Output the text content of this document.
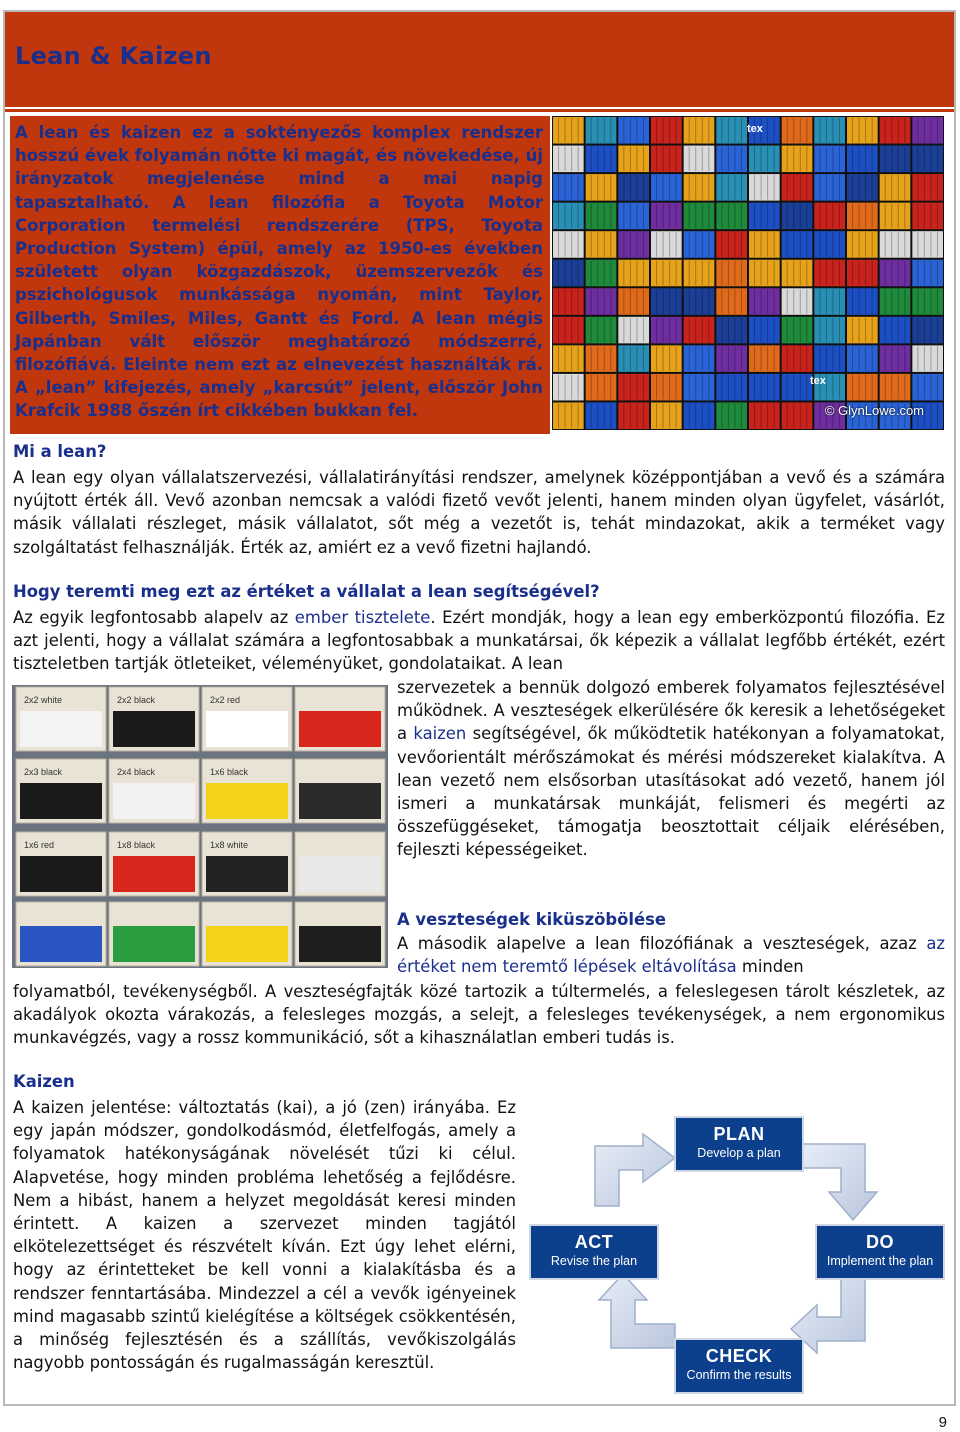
Lean & Kaizen

A lean és kaizen ez a soktényezős komplex rendszer hosszú évek folyamán nőtte ki magát, és növekedése, új irányzatok megjelenése mind a mai napig tapasztalható. A lean filozófia a Toyota Motor Corporation termelési rendszerére (TPS, Toyota Production System) épül, amely az 1950-es években született olyan közgazdászok, üzemszervezők és pszichológusok munkássága nyomán, mint Taylor, Gilberth, Smiles, Miles, Gantt és Ford. A lean mégis Japánban vált először meghatározó módszerré, filozófiává. Eleinte nem ezt az elnevezést használták rá. A „lean” kifejezés, amely „karcsút” jelent, először John Krafcik 1988 őszén írt cikkében bukkan fel.

tex
tex
© GlynLowe.com
Mi a lean?

A lean egy olyan vállalatszervezési, vállalatirányítási rendszer, amelynek középpontjában a vevő és a számára nyújtott érték áll. Vevő azonban nemcsak a valódi fizető vevőt jelenti, hanem minden olyan ügyfelet, vásárlót, másik vállalati részleget, másik vállalatot, sőt még a vezetőt is, tehát mindazokat, akik a terméket vagy szolgáltatást felhasználják. Érték az, amiért ez a vevő fizetni hajlandó.

Hogy teremti meg ezt az értéket a vállalat a lean segítségével?

Az egyik legfontosabb alapelv az ember tisztelete. Ezért mondják, hogy a lean egy emberközpontú filozófia. Ez azt jelenti, hogy a vállalat számára a legfontosabbak a munkatársai, ők képezik a vállalat legfőbb értékét, ezért tiszteletben tartják ötleteiket, véleményüket, gondolataikat. A lean

2x2 white	2x2 black	2x2 red
2x3 black	2x4 black	1x6 black
1x6 red	1x8 black	1x8 white

szervezetek a bennük dolgozó emberek folyamatos fejlesztésével működnek. A veszteségek elkerülésére ők keresik a lehetőségeket a kaizen segítségével, ők működtetik hatékonyan a folyamatokat, vevőorientált mérőszámokat és mérési módszereket kialakítva. A lean vezető nem elsősorban utasításokat adó vezető, hanem jól ismeri a munkatársak munkáját, felismeri és megérti az összefüggéseket, támogatja beosztottait céljaik elérésében, fejleszti képességeiket.

A veszteségek kiküszöbölése

A második alapelve a lean filozófiának a veszteségek, azaz az értéket nem teremtő lépések eltávolítása minden

folyamatból, tevékenységből. A veszteségfajták közé tartozik a túltermelés, a feleslegesen tárolt készletek, az akadályok okozta várakozás, a felesleges mozgás, a selejt, a felesleges tevékenységek, a nem ergonomikus munkavégzés, vagy a rossz kommunikáció, sőt a kihasználatlan emberi tudás is.

Kaizen

A kaizen jelentése: változtatás (kai), a jó (zen) irányába. Ez egy japán módszer, gondolkodásmód, életfelfogás, amely a folyamatok hatékonyságának növelését tűzi ki célul. Alapvetése, hogy minden probléma lehetőség a fejlődésre. Nem a hibást, hanem a helyzet megoldását keresi minden érintett. A kaizen a szervezet minden tagjától elkötelezettséget és részvételt kíván. Ezt úgy lehet elérni, hogy az érintetteket be kell vonni a kialakításba és a rendszer fenntartásába. Mindezzel a cél a vevők igényeinek mind magasabb szintű kielégítése a költségek csökkentésén, a minőség fejlesztésén és a szállítás, vevőkiszolgálás nagyobb pontosságán és rugalmasságán keresztül.

PLAN
Develop a plan
ACT
Revise the plan
DO
Implement the plan
CHECK
Confirm the results
9
